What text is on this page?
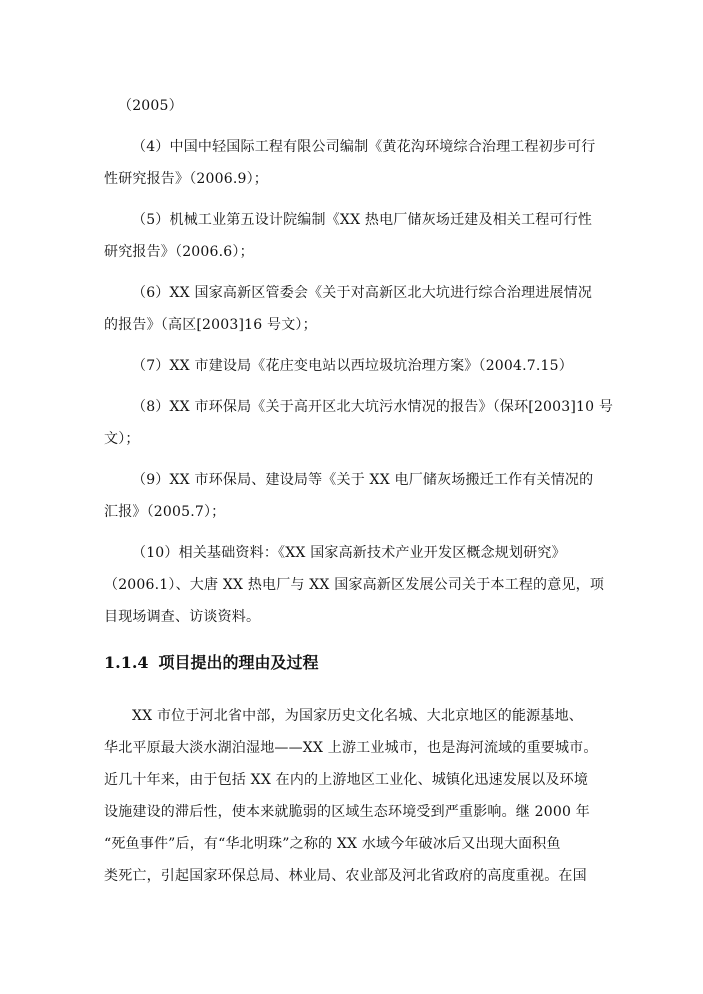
（2005）
（4）中国中轻国际工程有限公司编制《黄花沟环境综合治理工程初步可行
性研究报告》（2006.9）；
（5）机械工业第五设计院编制《XX 热电厂储灰场迁建及相关工程可行性
研究报告》（2006.6）；
（6）XX 国家高新区管委会《关于对高新区北大坑进行综合治理进展情况
的报告》（高区[2003]16 号文）；
（7）XX 市建设局《花庄变电站以西垃圾坑治理方案》（2004.7.15）
（8）XX 市环保局《关于高开区北大坑污水情况的报告》（保环[2003]10 号
文）；
（9）XX 市环保局、建设局等《关于 XX 电厂储灰场搬迁工作有关情况的
汇报》（2005.7）；
（10）相关基础资料：《XX 国家高新技术产业开发区概念规划研究》
（2006.1）、大唐 XX 热电厂与 XX 国家高新区发展公司关于本工程的意见，项
目现场调查、访谈资料。
1.1.4 项目提出的理由及过程
XX 市位于河北省中部，为国家历史文化名城、大北京地区的能源基地、
华北平原最大淡水湖泊湿地——XX 上游工业城市，也是海河流域的重要城市。
近几十年来，由于包括 XX 在内的上游地区工业化、城镇化迅速发展以及环境
设施建设的滞后性，使本来就脆弱的区域生态环境受到严重影响。继 2000 年
“死鱼事件”后，有“华北明珠”之称的 XX 水域今年破冰后又出现大面积鱼
类死亡，引起国家环保总局、林业局、农业部及河北省政府的高度重视。在国
